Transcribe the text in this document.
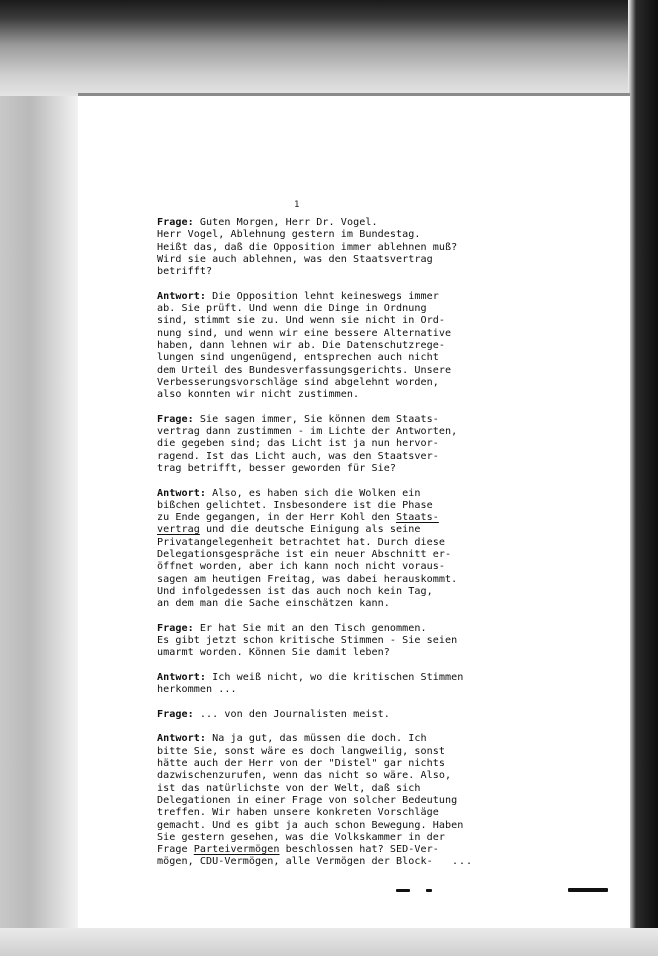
1
Frage: Guten Morgen, Herr Dr. Vogel.
Herr Vogel, Ablehnung gestern im Bundestag.
Heißt das, daß die Opposition immer ablehnen muß?
Wird sie auch ablehnen, was den Staatsvertrag
betrifft?
Antwort: Die Opposition lehnt keineswegs immer
ab. Sie prüft. Und wenn die Dinge in Ordnung
sind, stimmt sie zu. Und wenn sie nicht in Ord-
nung sind, und wenn wir eine bessere Alternative
haben, dann lehnen wir ab. Die Datenschutzrege-
lungen sind ungenügend, entsprechen auch nicht
dem Urteil des Bundesverfassungsgerichts. Unsere
Verbesserungsvorschläge sind abgelehnt worden,
also konnten wir nicht zustimmen.
Frage: Sie sagen immer, Sie können dem Staats-
vertrag dann zustimmen - im Lichte der Antworten,
die gegeben sind; das Licht ist ja nun hervor-
ragend. Ist das Licht auch, was den Staatsver-
trag betrifft, besser geworden für Sie?
Antwort: Also, es haben sich die Wolken ein
bißchen gelichtet. Insbesondere ist die Phase
zu Ende gegangen, in der Herr Kohl den Staats-
vertrag und die deutsche Einigung als seine
Privatangelegenheit betrachtet hat. Durch diese
Delegationsgespräche ist ein neuer Abschnitt er-
öffnet worden, aber ich kann noch nicht voraus-
sagen am heutigen Freitag, was dabei herauskommt.
Und infolgedessen ist das auch noch kein Tag,
an dem man die Sache einschätzen kann.
Frage: Er hat Sie mit an den Tisch genommen.
Es gibt jetzt schon kritische Stimmen - Sie seien
umarmt worden. Können Sie damit leben?
Antwort: Ich weiß nicht, wo die kritischen Stimmen
herkommen ...
Frage: ... von den Journalisten meist.
Antwort: Na ja gut, das müssen die doch. Ich
bitte Sie, sonst wäre es doch langweilig, sonst
hätte auch der Herr von der "Distel" gar nichts
dazwischenzurufen, wenn das nicht so wäre. Also,
ist das natürlichste von der Welt, daß sich
Delegationen in einer Frage von solcher Bedeutung
treffen. Wir haben unsere konkreten Vorschläge
gemacht. Und es gibt ja auch schon Bewegung. Haben
Sie gestern gesehen, was die Volkskammer in der
Frage Parteivermögen beschlossen hat? SED-Ver-
mögen, CDU-Vermögen, alle Vermögen der Block-	...
